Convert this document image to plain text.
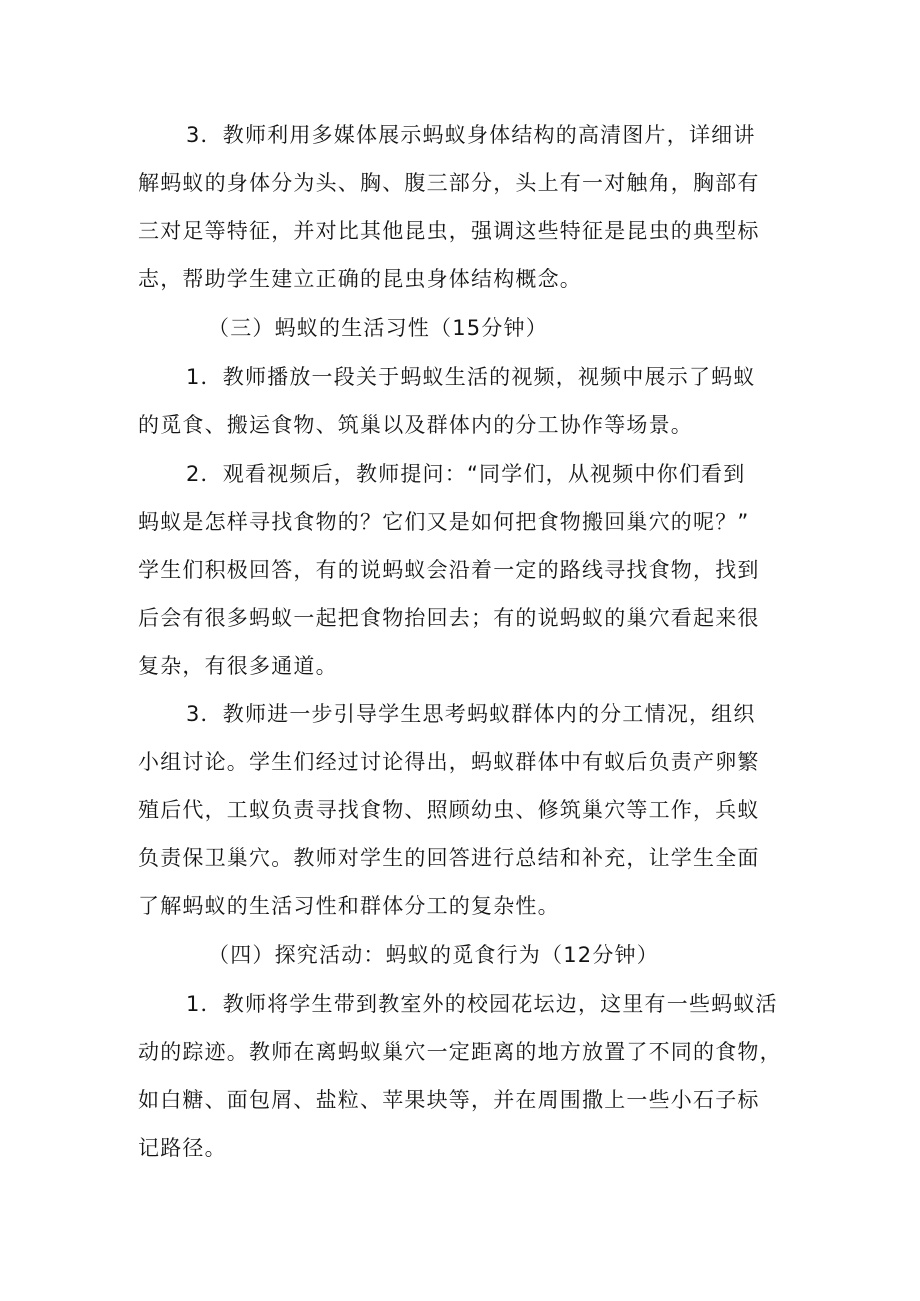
3．教师利用多媒体展示蚂蚁身体结构的高清图片，详细讲
解蚂蚁的身体分为头、胸、腹三部分，头上有一对触角，胸部有
三对足等特征，并对比其他昆虫，强调这些特征是昆虫的典型标
志，帮助学生建立正确的昆虫身体结构概念。
（三）蚂蚁的生活习性（15分钟）
1．教师播放一段关于蚂蚁生活的视频，视频中展示了蚂蚁
的觅食、搬运食物、筑巢以及群体内的分工协作等场景。
2．观看视频后，教师提问：“同学们，从视频中你们看到
蚂蚁是怎样寻找食物的？它们又是如何把食物搬回巢穴的呢？”
学生们积极回答，有的说蚂蚁会沿着一定的路线寻找食物，找到
后会有很多蚂蚁一起把食物抬回去；有的说蚂蚁的巢穴看起来很
复杂，有很多通道。
3．教师进一步引导学生思考蚂蚁群体内的分工情况，组织
小组讨论。学生们经过讨论得出，蚂蚁群体中有蚁后负责产卵繁
殖后代，工蚁负责寻找食物、照顾幼虫、修筑巢穴等工作，兵蚁
负责保卫巢穴。教师对学生的回答进行总结和补充，让学生全面
了解蚂蚁的生活习性和群体分工的复杂性。
（四）探究活动：蚂蚁的觅食行为（12分钟）
1．教师将学生带到教室外的校园花坛边，这里有一些蚂蚁活
动的踪迹。教师在离蚂蚁巢穴一定距离的地方放置了不同的食物，
如白糖、面包屑、盐粒、苹果块等，并在周围撒上一些小石子标
记路径。
